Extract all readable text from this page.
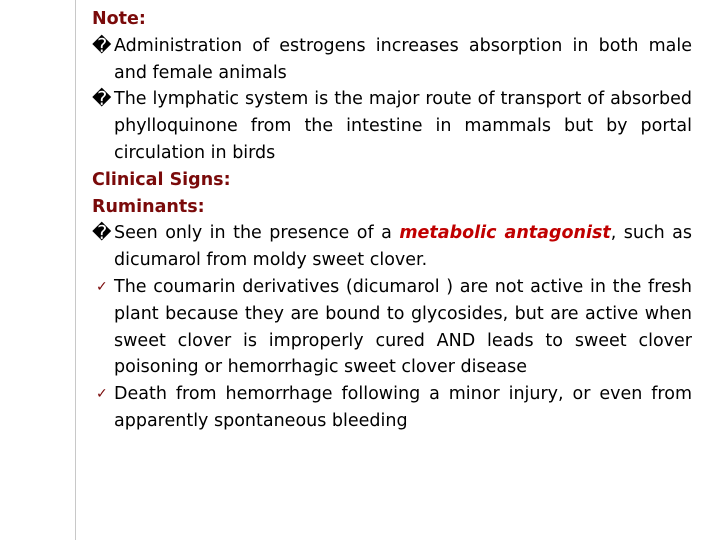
Note:
� Administration of estrogens increases absorption in both male and female animals
� The lymphatic system is the major route of transport of absorbed phylloquinone from the intestine in mammals but by portal circulation in birds
Clinical Signs:
Ruminants:
� Seen only in the presence of a metabolic antagonist, such as dicumarol from moldy sweet clover.
✓ The coumarin derivatives (dicumarol ) are not active in the fresh plant because they are bound to glycosides, but are active when sweet clover is improperly cured AND leads to sweet clover poisoning or hemorrhagic sweet clover disease
✓ Death from hemorrhage following a minor injury, or even from apparently spontaneous bleeding
